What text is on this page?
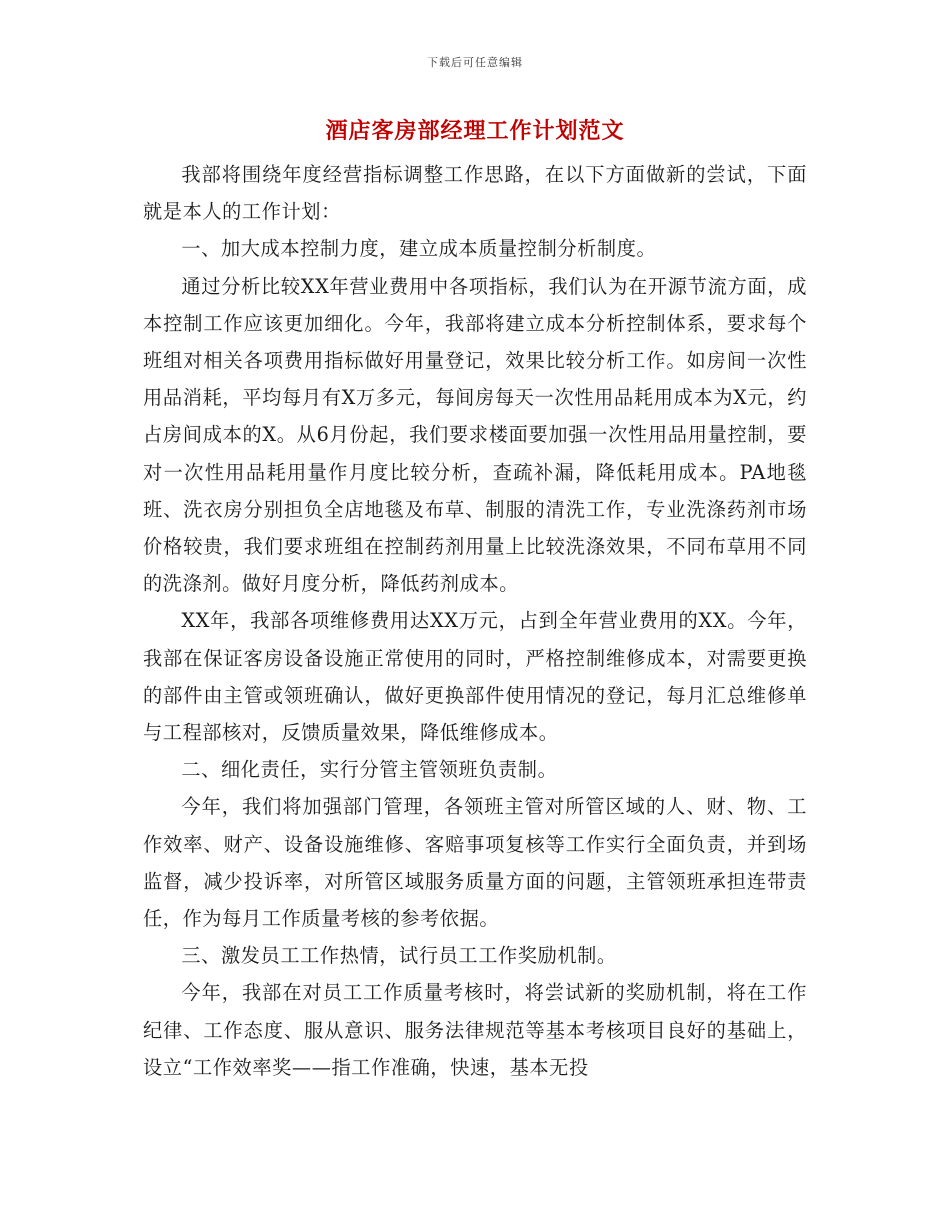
下载后可任意编辑
酒店客房部经理工作计划范文

我部将围绕年度经营指标调整工作思路，在以下方面做新的尝试，下面就是本人的工作计划：

一、加大成本控制力度，建立成本质量控制分析制度。

通过分析比较XX年营业费用中各项指标，我们认为在开源节流方面，成本控制工作应该更加细化。今年，我部将建立成本分析控制体系，要求每个班组对相关各项费用指标做好用量登记，效果比较分析工作。如房间一次性用品消耗，平均每月有X万多元，每间房每天一次性用品耗用成本为X元，约占房间成本的X。从6月份起，我们要求楼面要加强一次性用品用量控制，要对一次性用品耗用量作月度比较分析，查疏补漏，降低耗用成本。PA地毯班、洗衣房分别担负全店地毯及布草、制服的清洗工作，专业洗涤药剂市场价格较贵，我们要求班组在控制药剂用量上比较洗涤效果，不同布草用不同的洗涤剂。做好月度分析，降低药剂成本。

XX年，我部各项维修费用达XX万元，占到全年营业费用的XX。今年，我部在保证客房设备设施正常使用的同时，严格控制维修成本，对需要更换的部件由主管或领班确认，做好更换部件使用情况的登记，每月汇总维修单与工程部核对，反馈质量效果，降低维修成本。

二、细化责任，实行分管主管领班负责制。

今年，我们将加强部门管理，各领班主管对所管区域的人、财、物、工作效率、财产、设备设施维修、客赔事项复核等工作实行全面负责，并到场监督，减少投诉率，对所管区域服务质量方面的问题，主管领班承担连带责任，作为每月工作质量考核的参考依据。

三、激发员工工作热情，试行员工工作奖励机制。

今年，我部在对员工工作质量考核时，将尝试新的奖励机制，将在工作纪律、工作态度、服从意识、服务法律规范等基本考核项目良好的基础上，设立“工作效率奖——指工作准确，快速，基本无投
